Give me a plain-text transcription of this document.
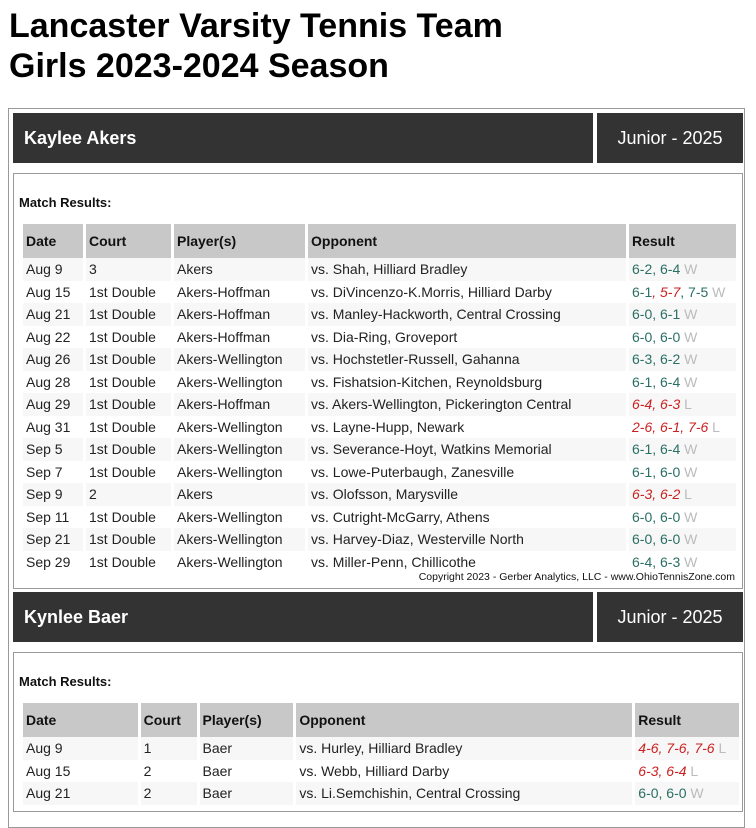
Lancaster Varsity Tennis Team
Girls 2023-2024 Season
Kaylee Akers	Junior - 2025
Match Results:
Date	Court	Player(s)	Opponent	Result
Aug 9	3	Akers	vs. Shah, Hilliard Bradley	6-2, 6-4 W
Aug 15	1st Double	Akers-Hoffman	vs. DiVincenzo-K.Morris, Hilliard Darby	6-1, 5-7, 7-5 W
Aug 21	1st Double	Akers-Hoffman	vs. Manley-Hackworth, Central Crossing	6-0, 6-1 W
Aug 22	1st Double	Akers-Hoffman	vs. Dia-Ring, Groveport	6-0, 6-0 W
Aug 26	1st Double	Akers-Wellington	vs. Hochstetler-Russell, Gahanna	6-3, 6-2 W
Aug 28	1st Double	Akers-Wellington	vs. Fishatsion-Kitchen, Reynoldsburg	6-1, 6-4 W
Aug 29	1st Double	Akers-Hoffman	vs. Akers-Wellington, Pickerington Central	6-4, 6-3 L
Aug 31	1st Double	Akers-Wellington	vs. Layne-Hupp, Newark	2-6, 6-1, 7-6 L
Sep 5	1st Double	Akers-Wellington	vs. Severance-Hoyt, Watkins Memorial	6-1, 6-4 W
Sep 7	1st Double	Akers-Wellington	vs. Lowe-Puterbaugh, Zanesville	6-1, 6-0 W
Sep 9	2	Akers	vs. Olofsson, Marysville	6-3, 6-2 L
Sep 11	1st Double	Akers-Wellington	vs. Cutright-McGarry, Athens	6-0, 6-0 W
Sep 21	1st Double	Akers-Wellington	vs. Harvey-Diaz, Westerville North	6-0, 6-0 W
Sep 29	1st Double	Akers-Wellington	vs. Miller-Penn, Chillicothe	6-4, 6-3 W
Copyright 2023 - Gerber Analytics, LLC - www.OhioTennisZone.com
Kynlee Baer	Junior - 2025
Match Results:
Date	Court	Player(s)	Opponent	Result
Aug 9	1	Baer	vs. Hurley, Hilliard Bradley	4-6, 7-6, 7-6 L
Aug 15	2	Baer	vs. Webb, Hilliard Darby	6-3, 6-4 L
Aug 21	2	Baer	vs. Li.Semchishin, Central Crossing	6-0, 6-0 W
